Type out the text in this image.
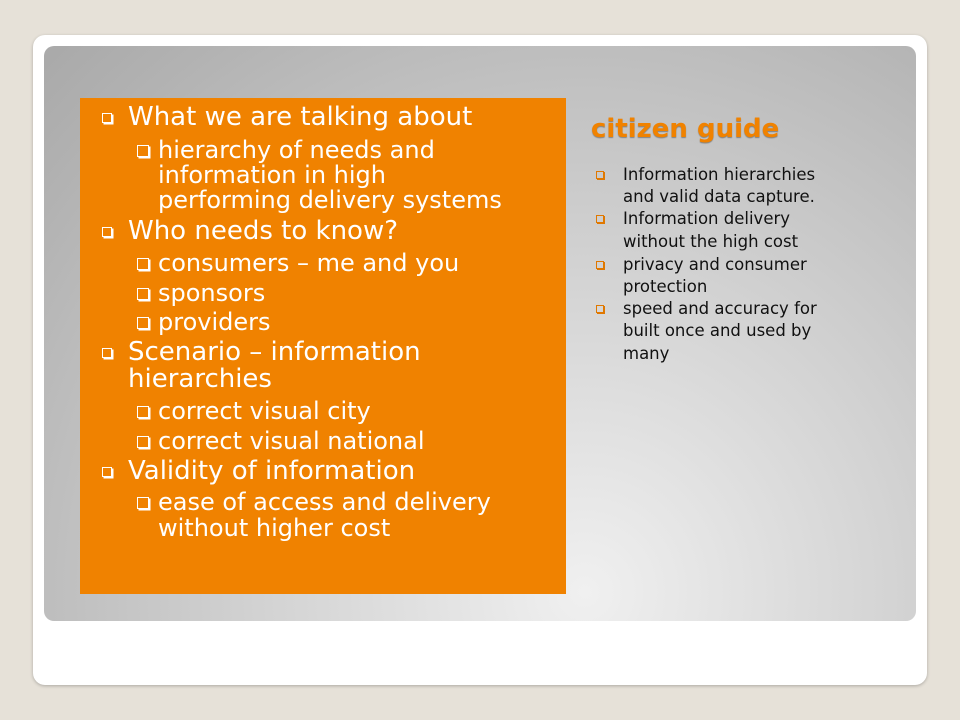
What we are talking about
hierarchy of needs and
information in high
performing delivery systems
Who needs to know?
consumers – me and you
sponsors
providers
Scenario – information
hierarchies
correct visual city
correct visual national
Validity of information
ease of access and delivery
without higher cost
citizen guide
Information hierarchies
and valid data capture.
Information delivery
without the high cost
privacy and consumer
protection
speed and accuracy for
built once and used by
many
